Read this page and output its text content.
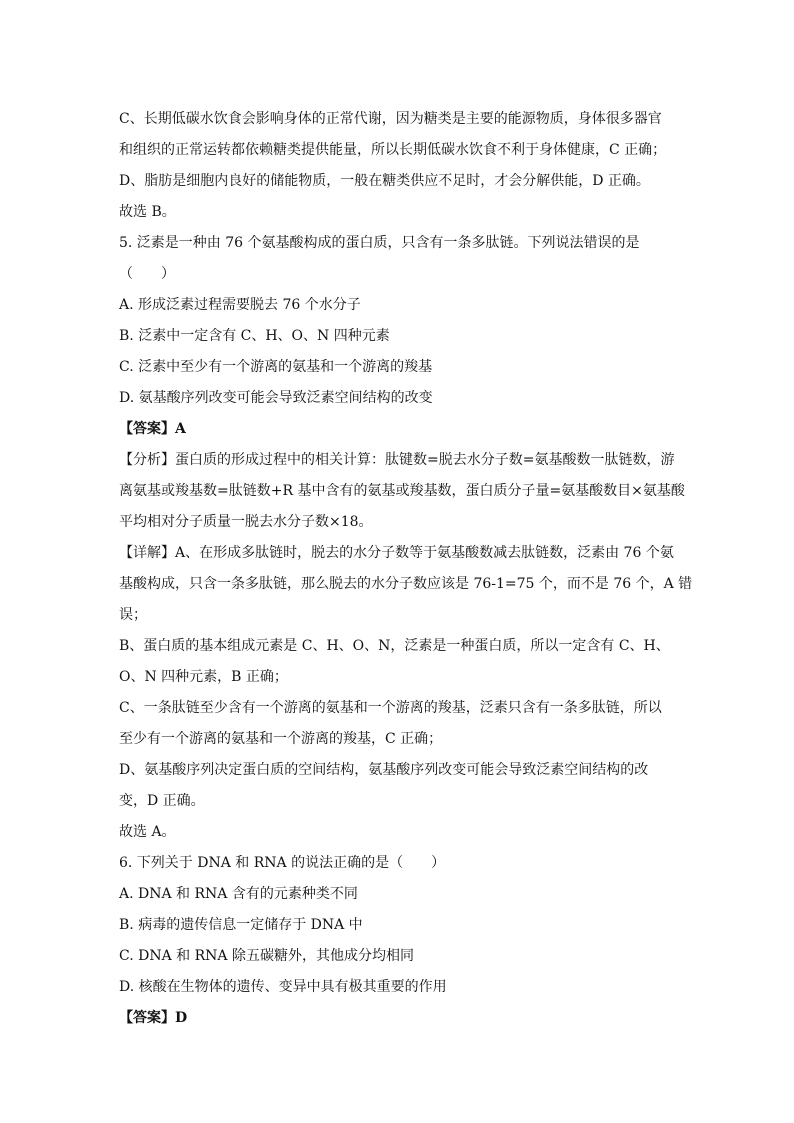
C、长期低碳水饮食会影响身体的正常代谢，因为糖类是主要的能源物质，身体很多器官
和组织的正常运转都依赖糖类提供能量，所以长期低碳水饮食不利于身体健康，C 正确；
D、脂肪是细胞内良好的储能物质，一般在糖类供应不足时，才会分解供能，D 正确。
故选 B。
5. 泛素是一种由 76 个氨基酸构成的蛋白质，只含有一条多肽链。下列说法错误的是
（　　）
A. 形成泛素过程需要脱去 76 个水分子
B. 泛素中一定含有 C、H、O、N 四种元素
C. 泛素中至少有一个游离的氨基和一个游离的羧基
D. 氨基酸序列改变可能会导致泛素空间结构的改变
【答案】A
【分析】蛋白质的形成过程中的相关计算：肽键数=脱去水分子数=氨基酸数一肽链数，游
离氨基或羧基数=肽链数+R 基中含有的氨基或羧基数，蛋白质分子量=氨基酸数目×氨基酸
平均相对分子质量一脱去水分子数×18。
【详解】A、在形成多肽链时，脱去的水分子数等于氨基酸数减去肽链数，泛素由 76 个氨
基酸构成，只含一条多肽链，那么脱去的水分子数应该是 76-1=75 个，而不是 76 个，A 错
误；
B、蛋白质的基本组成元素是 C、H、O、N，泛素是一种蛋白质，所以一定含有 C、H、
O、N 四种元素，B 正确；
C、一条肽链至少含有一个游离的氨基和一个游离的羧基，泛素只含有一条多肽链，所以
至少有一个游离的氨基和一个游离的羧基，C 正确；
D、氨基酸序列决定蛋白质的空间结构，氨基酸序列改变可能会导致泛素空间结构的改
变，D 正确。
故选 A。
6. 下列关于 DNA 和 RNA 的说法正确的是（　　）
A. DNA 和 RNA 含有的元素种类不同
B. 病毒的遗传信息一定储存于 DNA 中
C. DNA 和 RNA 除五碳糖外，其他成分均相同
D. 核酸在生物体的遗传、变异中具有极其重要的作用
【答案】D
